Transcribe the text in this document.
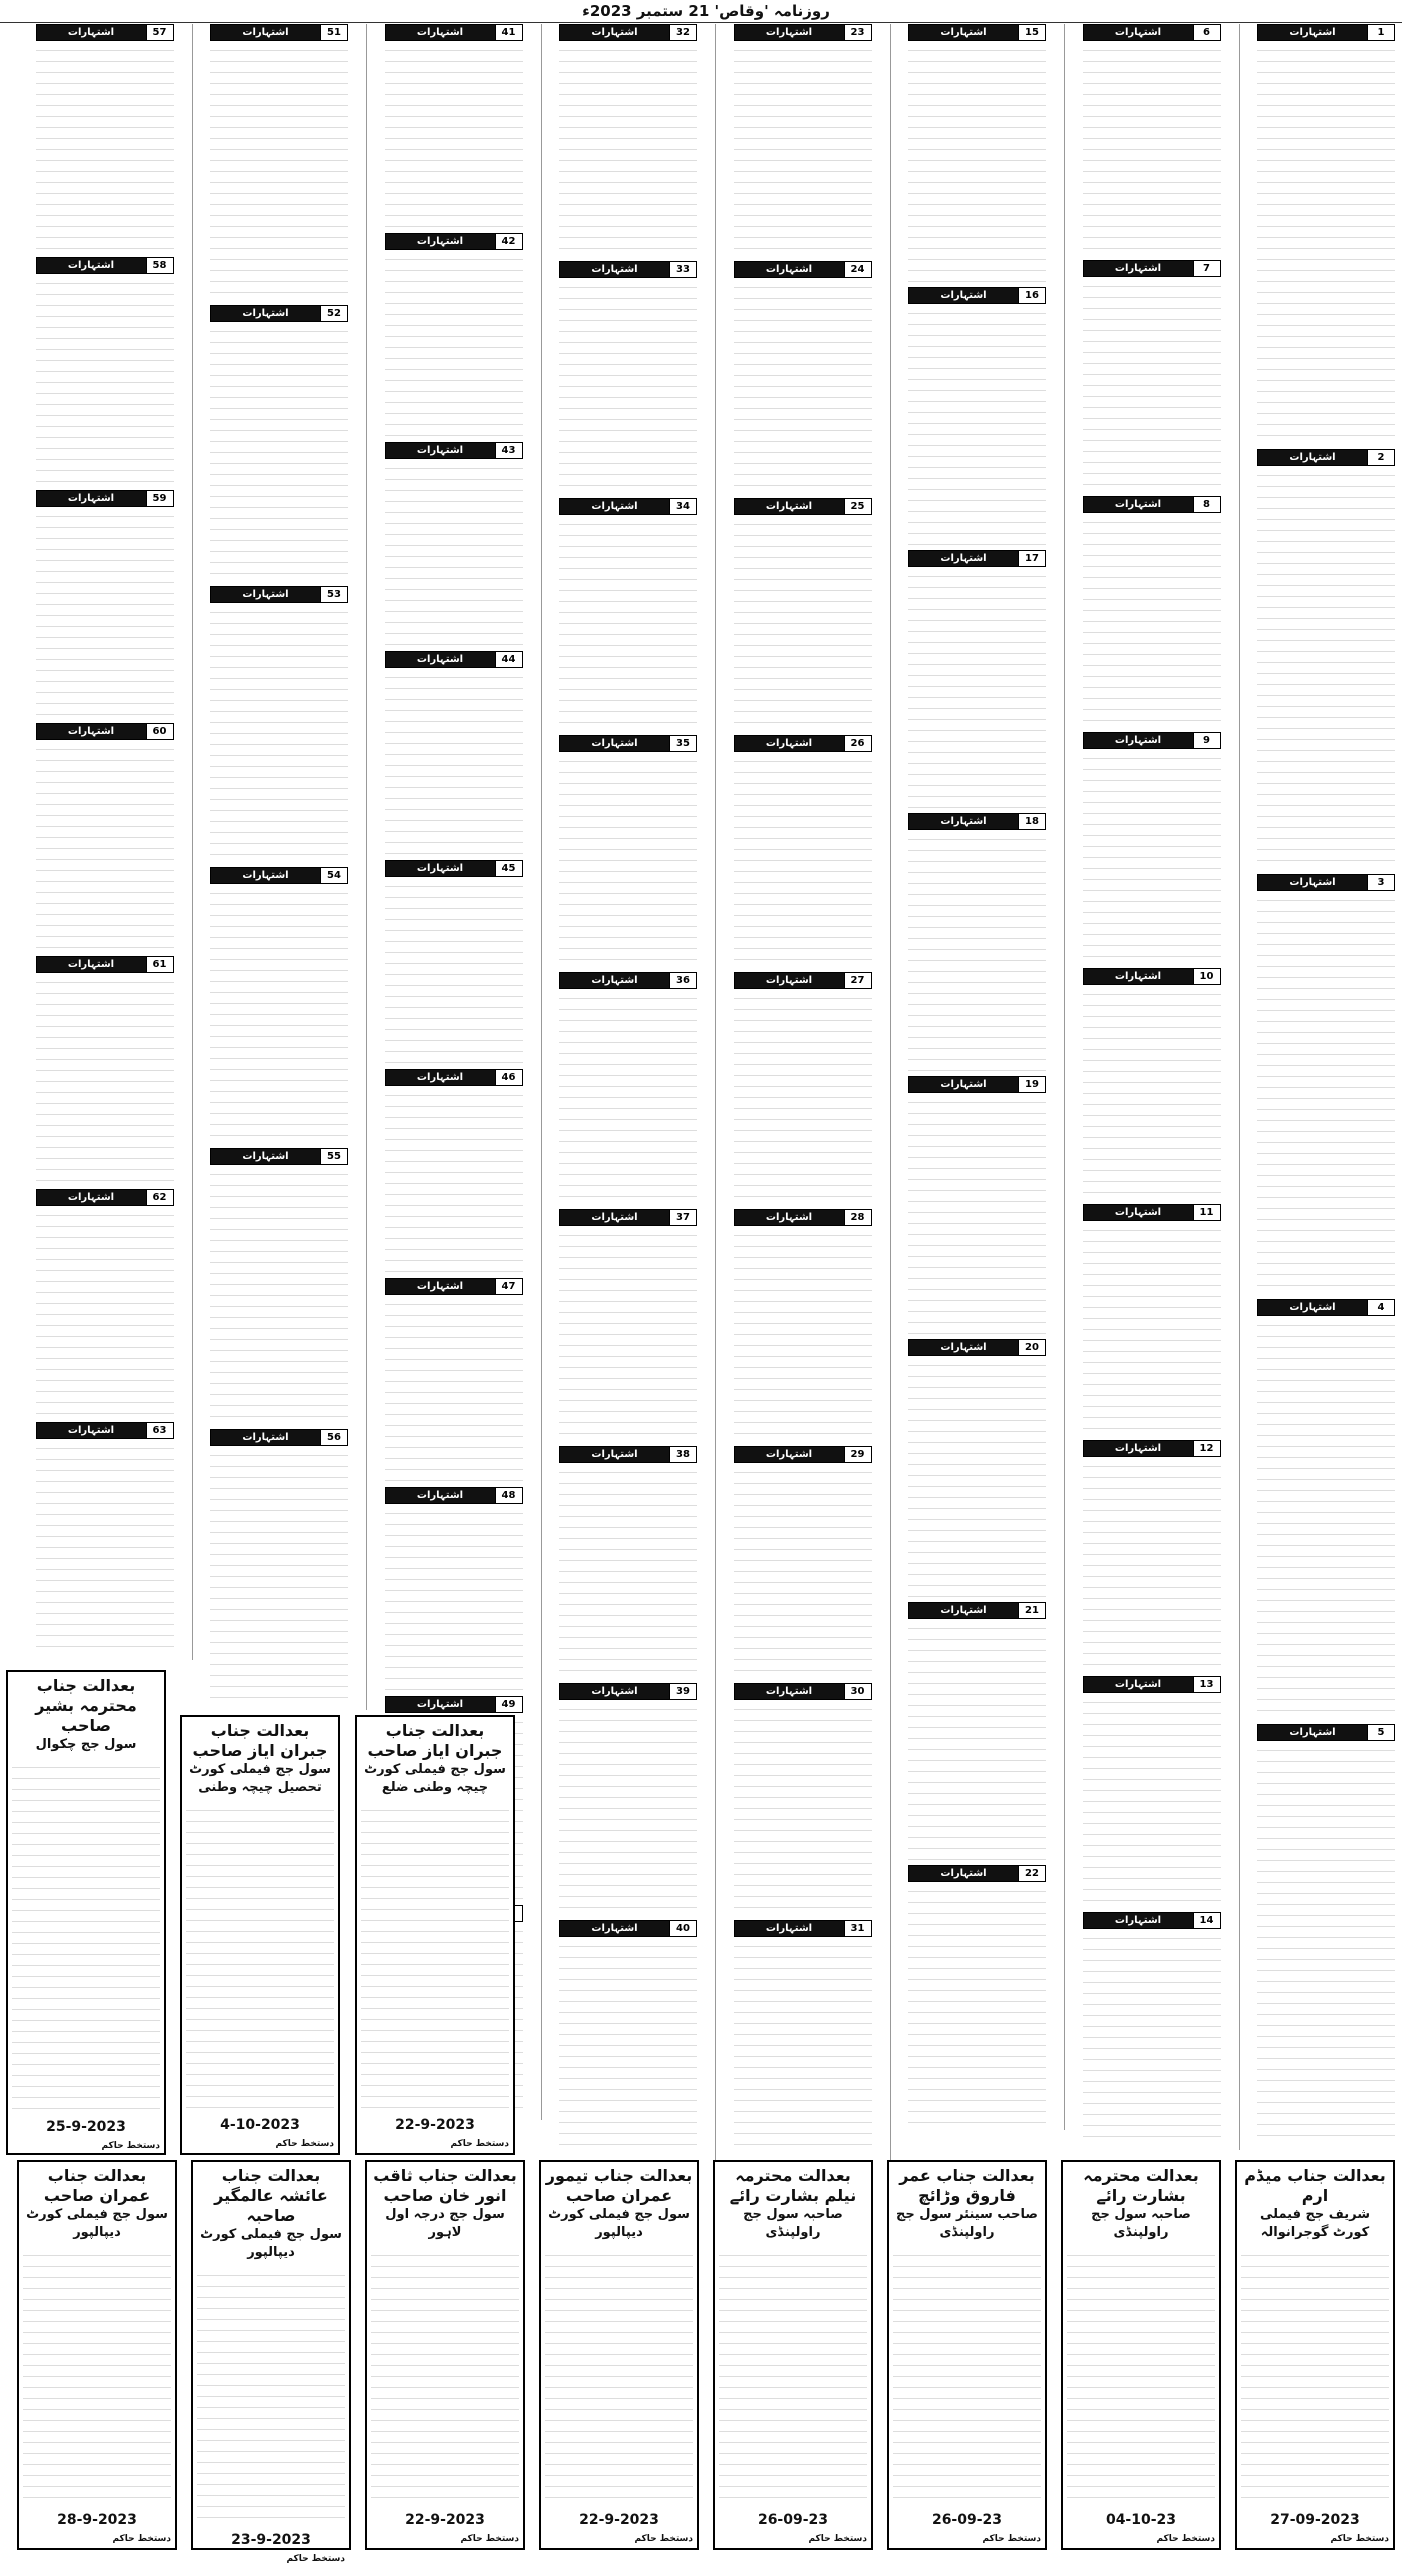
روزنامہ 'وقاص' 21 ستمبر 2023ء
1
اشتہارات
2
اشتہارات
3
اشتہارات
4
اشتہارات
5
اشتہارات
6
اشتہارات
7
اشتہارات
8
اشتہارات
9
اشتہارات
10
اشتہارات
11
اشتہارات
12
اشتہارات
13
اشتہارات
14
اشتہارات
15
اشتہارات
16
اشتہارات
17
اشتہارات
18
اشتہارات
19
اشتہارات
20
اشتہارات
21
اشتہارات
22
اشتہارات
23
اشتہارات
24
اشتہارات
25
اشتہارات
26
اشتہارات
27
اشتہارات
28
اشتہارات
29
اشتہارات
30
اشتہارات
31
اشتہارات
32
اشتہارات
33
اشتہارات
34
اشتہارات
35
اشتہارات
36
اشتہارات
37
اشتہارات
38
اشتہارات
39
اشتہارات
40
اشتہارات
41
اشتہارات
42
اشتہارات
43
اشتہارات
44
اشتہارات
45
اشتہارات
46
اشتہارات
47
اشتہارات
48
اشتہارات
49
اشتہارات
51
اشتہارات
52
اشتہارات
53
اشتہارات
54
اشتہارات
55
اشتہارات
56
اشتہارات
57
اشتہارات
58
اشتہارات
59
اشتہارات
60
اشتہارات
61
اشتہارات
62
اشتہارات
63
اشتہارات
بعدالت جناب میڈم ارم
شریف جج فیملی کورٹ گوجرانوالہ
27-09-2023
دستخط حاکم
بعدالت محترمہ بشارت رائے
صاحبہ سول جج راولپنڈی
04-10-23
دستخط حاکم
بعدالت جناب عمر فاروق وڑائچ
صاحب سینئر سول جج راولپنڈی
26-09-23
دستخط حاکم
بعدالت محترمہ نیلم بشارت رائے
صاحبہ سول جج راولپنڈی
26-09-23
دستخط حاکم
بعدالت جناب تیمور عمران صاحب
سول جج فیملی کورٹ دیپالپور
22-9-2023
دستخط حاکم
بعدالت جناب ثاقب انور خان صاحب
سول جج درجہ اول لاہور
22-9-2023
دستخط حاکم
بعدالت جناب عائشہ عالمگیر صاحبہ
سول جج فیملی کورٹ دیپالپور
23-9-2023
دستخط حاکم
بعدالت جناب عمران صاحب
سول جج فیملی کورٹ دیپالپور
28-9-2023
دستخط حاکم
بعدالت جناب جبران ایاز صاحب
سول جج فیملی کورٹ چیچہ وطنی ضلع
22-9-2023
دستخط حاکم
بعدالت جناب جبران ایاز صاحب
سول جج فیملی کورٹ تحصیل چیچہ وطنی
4-10-2023
دستخط حاکم
بعدالت جناب محترمہ بشیر صاحب
سول جج چکوال
25-9-2023
دستخط حاکم
